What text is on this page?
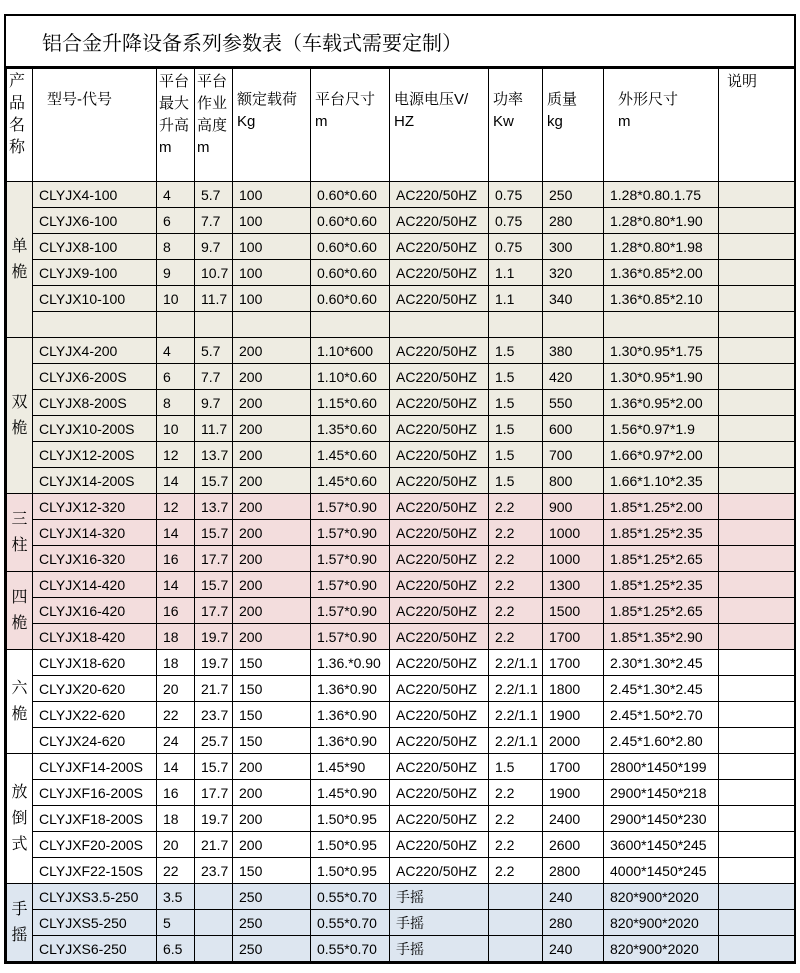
铝合金升降设备系列参数表（车载式需要定制）
产品名称	型号-代号	平台最大升高m	平台作业高度m	额定载荷Kg	平台尺寸m	电源电压V/HZ	功率Kw	质量kg	外形尺寸m	说明
单桅	CLYJX4-100	4	5.7	100	0.60*0.60	AC220/50HZ	0.75	250	1.28*0.80.1.75	
	CLYJX6-100	6	7.7	100	0.60*0.60	AC220/50HZ	0.75	280	1.28*0.80*1.90	
	CLYJX8-100	8	9.7	100	0.60*0.60	AC220/50HZ	0.75	300	1.28*0.80*1.98	
	CLYJX9-100	9	10.7	100	0.60*0.60	AC220/50HZ	1.1	320	1.36*0.85*2.00	
	CLYJX10-100	10	11.7	100	0.60*0.60	AC220/50HZ	1.1	340	1.36*0.85*2.10	

双桅	CLYJX4-200	4	5.7	200	1.10*600	AC220/50HZ	1.5	380	1.30*0.95*1.75	
	CLYJX6-200S	6	7.7	200	1.10*0.60	AC220/50HZ	1.5	420	1.30*0.95*1.90	
	CLYJX8-200S	8	9.7	200	1.15*0.60	AC220/50HZ	1.5	550	1.36*0.95*2.00	
	CLYJX10-200S	10	11.7	200	1.35*0.60	AC220/50HZ	1.5	600	1.56*0.97*1.9	
	CLYJX12-200S	12	13.7	200	1.45*0.60	AC220/50HZ	1.5	700	1.66*0.97*2.00	
	CLYJX14-200S	14	15.7	200	1.45*0.60	AC220/50HZ	1.5	800	1.66*1.10*2.35	
三柱	CLYJX12-320	12	13.7	200	1.57*0.90	AC220/50HZ	2.2	900	1.85*1.25*2.00	
	CLYJX14-320	14	15.7	200	1.57*0.90	AC220/50HZ	2.2	1000	1.85*1.25*2.35	
	CLYJX16-320	16	17.7	200	1.57*0.90	AC220/50HZ	2.2	1000	1.85*1.25*2.65	
四桅	CLYJX14-420	14	15.7	200	1.57*0.90	AC220/50HZ	2.2	1300	1.85*1.25*2.35	
	CLYJX16-420	16	17.7	200	1.57*0.90	AC220/50HZ	2.2	1500	1.85*1.25*2.65	
	CLYJX18-420	18	19.7	200	1.57*0.90	AC220/50HZ	2.2	1700	1.85*1.35*2.90	
六桅	CLYJX18-620	18	19.7	150	1.36.*0.90	AC220/50HZ	2.2/1.1	1700	2.30*1.30*2.45	
	CLYJX20-620	20	21.7	150	1.36*0.90	AC220/50HZ	2.2/1.1	1800	2.45*1.30*2.45	
	CLYJX22-620	22	23.7	150	1.36*0.90	AC220/50HZ	2.2/1.1	1900	2.45*1.50*2.70	
	CLYJX24-620	24	25.7	150	1.36*0.90	AC220/50HZ	2.2/1.1	2000	2.45*1.60*2.80	
放倒式	CLYJXF14-200S	14	15.7	200	1.45*90	AC220/50HZ	1.5	1700	2800*1450*199	
	CLYJXF16-200S	16	17.7	200	1.45*0.90	AC220/50HZ	2.2	1900	2900*1450*218	
	CLYJXF18-200S	18	19.7	200	1.50*0.95	AC220/50HZ	2.2	2400	2900*1450*230	
	CLYJXF20-200S	20	21.7	200	1.50*0.95	AC220/50HZ	2.2	2600	3600*1450*245	
	CLYJXF22-150S	22	23.7	150	1.50*0.95	AC220/50HZ	2.2	2800	4000*1450*245	
手摇	CLYJXS3.5-250	3.5		250	0.55*0.70	手摇		240	820*900*2020	
	CLYJXS5-250	5		250	0.55*0.70	手摇		280	820*900*2020	
	CLYJXS6-250	6.5		250	0.55*0.70	手摇		240	820*900*2020	
